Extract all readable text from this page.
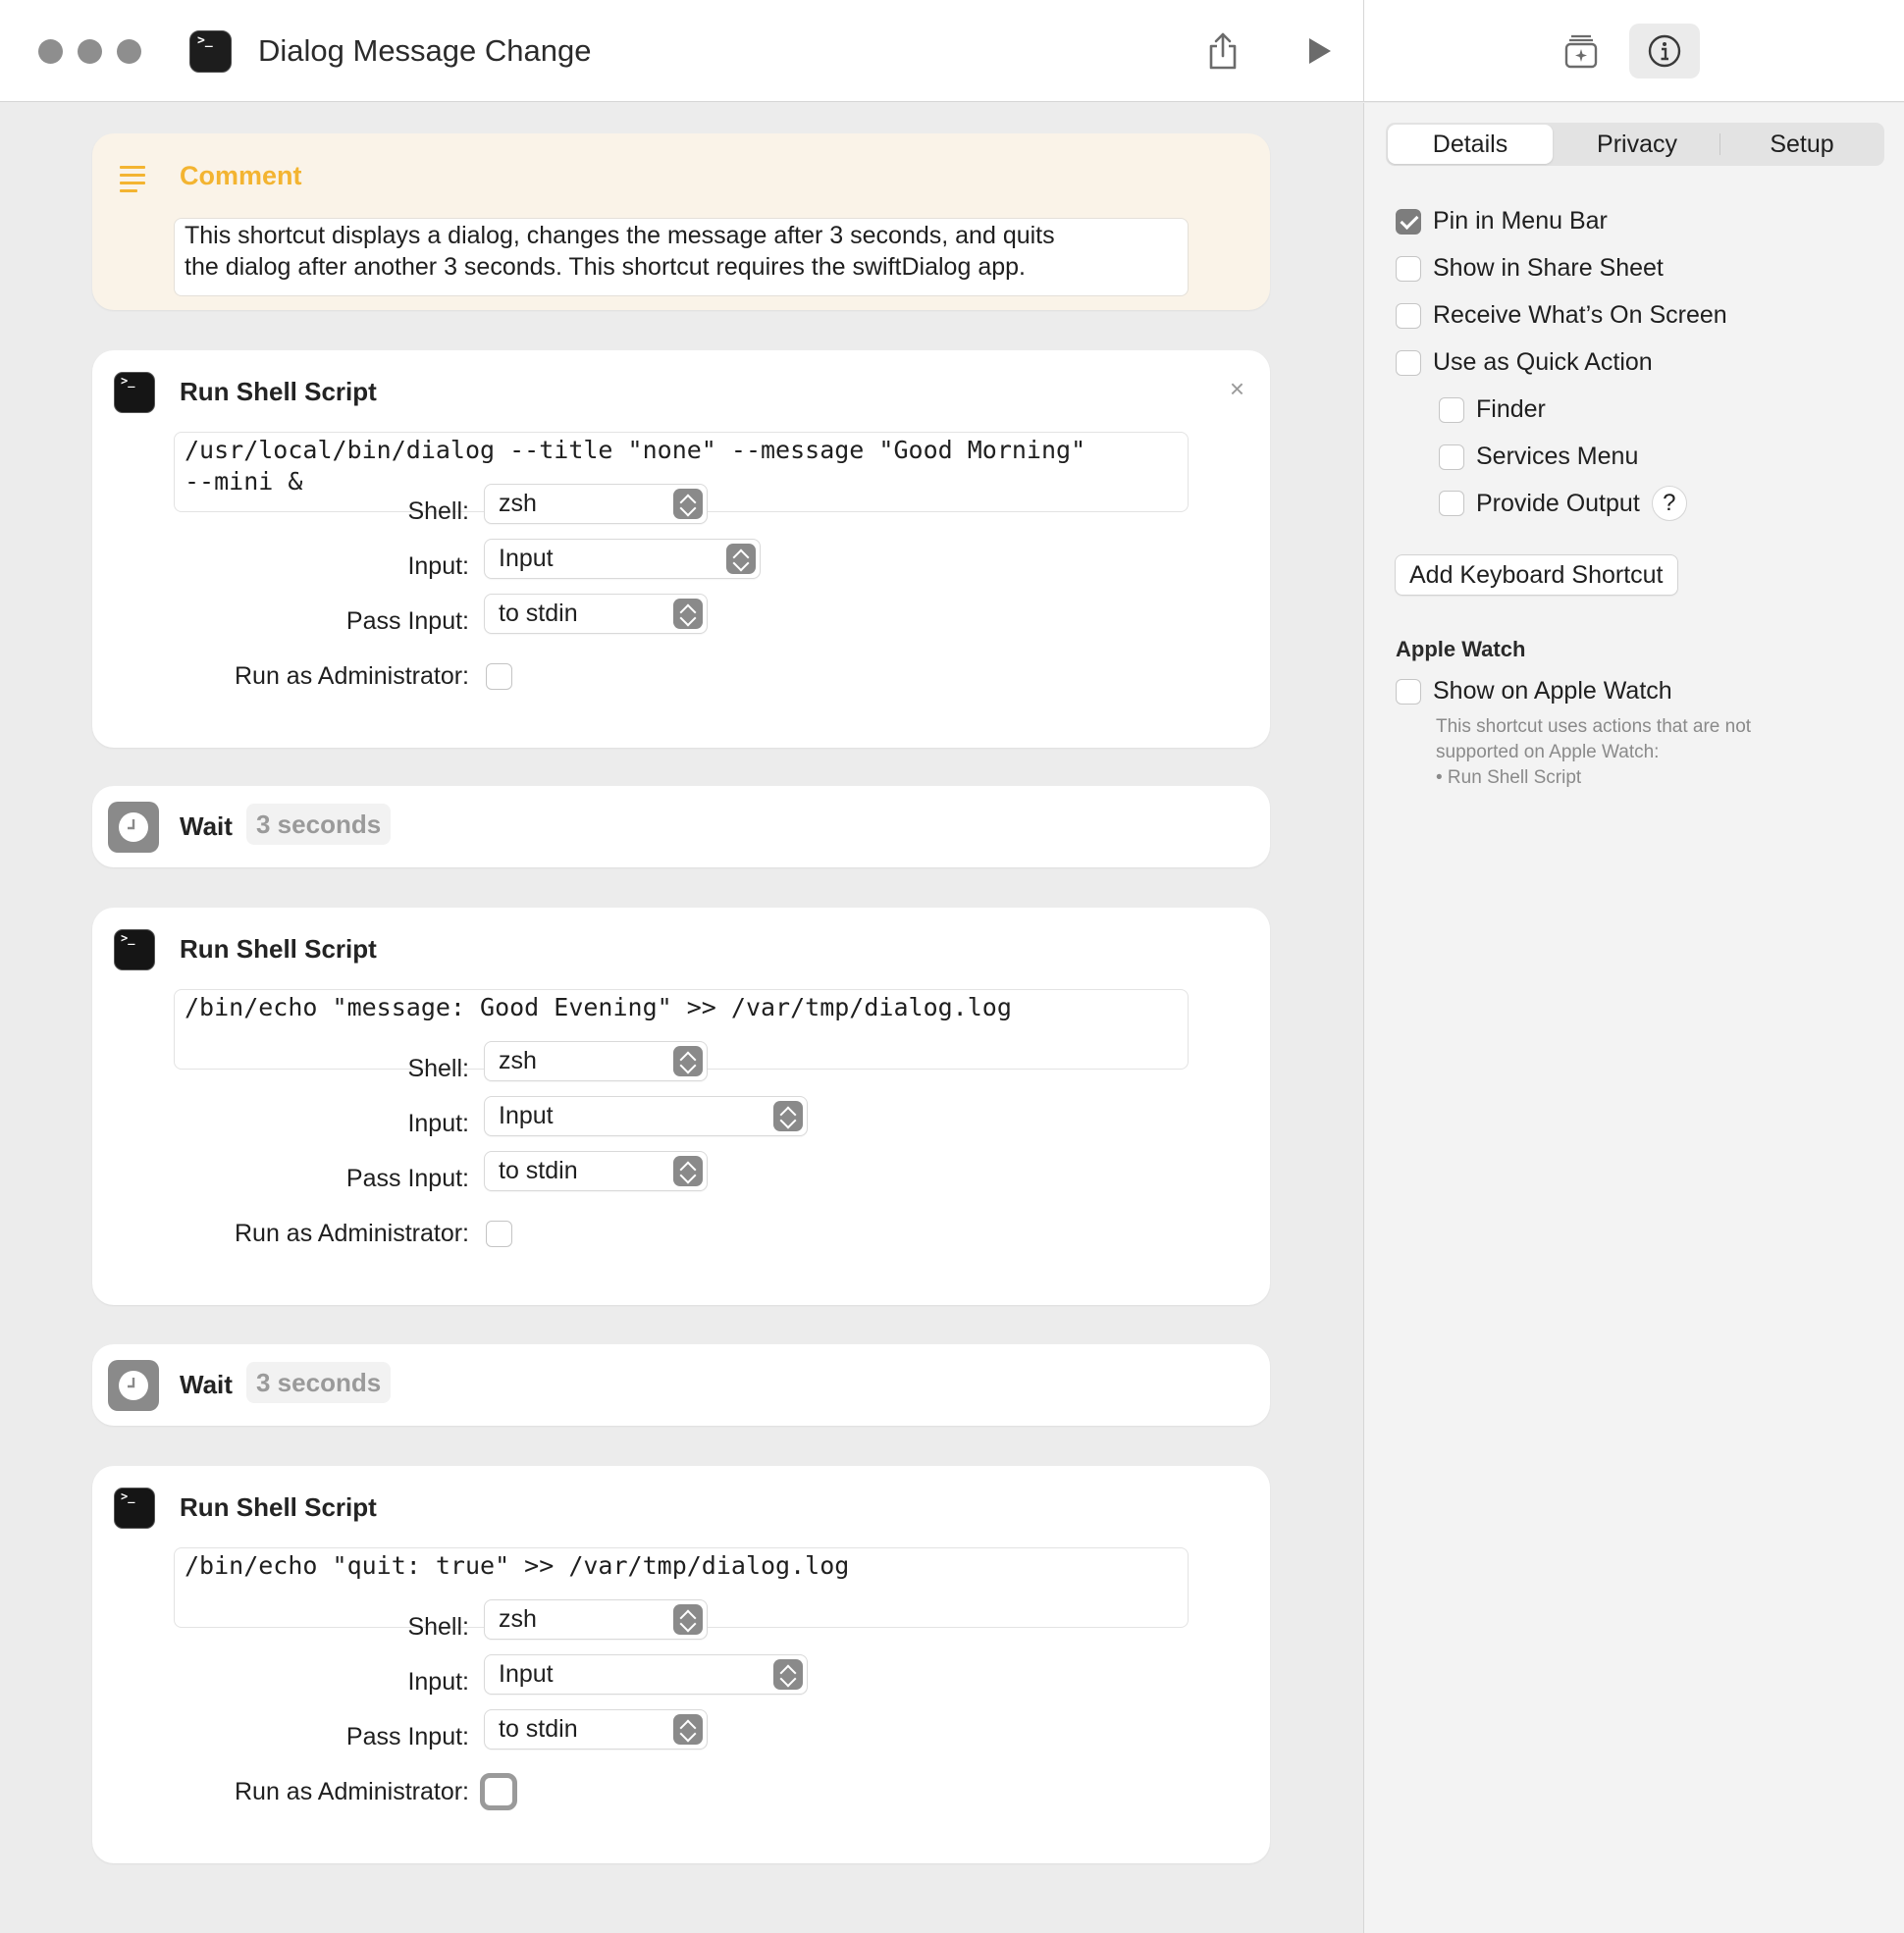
>_ Dialog Message Change
Comment
This shortcut displays a dialog, changes the message after 3 seconds, and quits
the dialog after another 3 seconds. This shortcut requires the swiftDialog app.
>_ Run Shell Script	×
/usr/local/bin/dialog --title "none" --message "Good Morning"
--mini &
Shell:	zsh
Input:	Input
Pass Input:	to stdin
Run as Administrator:
Wait 3 seconds
>_ Run Shell Script
/bin/echo "message: Good Evening" >> /var/tmp/dialog.log
Shell:	zsh
Input:	Input
Pass Input:	to stdin
Run as Administrator:
Wait 3 seconds
>_ Run Shell Script
/bin/echo "quit: true" >> /var/tmp/dialog.log
Shell:	zsh
Input:	Input
Pass Input:	to stdin
Run as Administrator:
Details	Privacy	Setup
Pin in Menu Bar
Show in Share Sheet
Receive What’s On Screen
Use as Quick Action
Finder
Services Menu
Provide Output ?
Add Keyboard Shortcut
Apple Watch
Show on Apple Watch
This shortcut uses actions that are not
supported on Apple Watch:
• Run Shell Script
